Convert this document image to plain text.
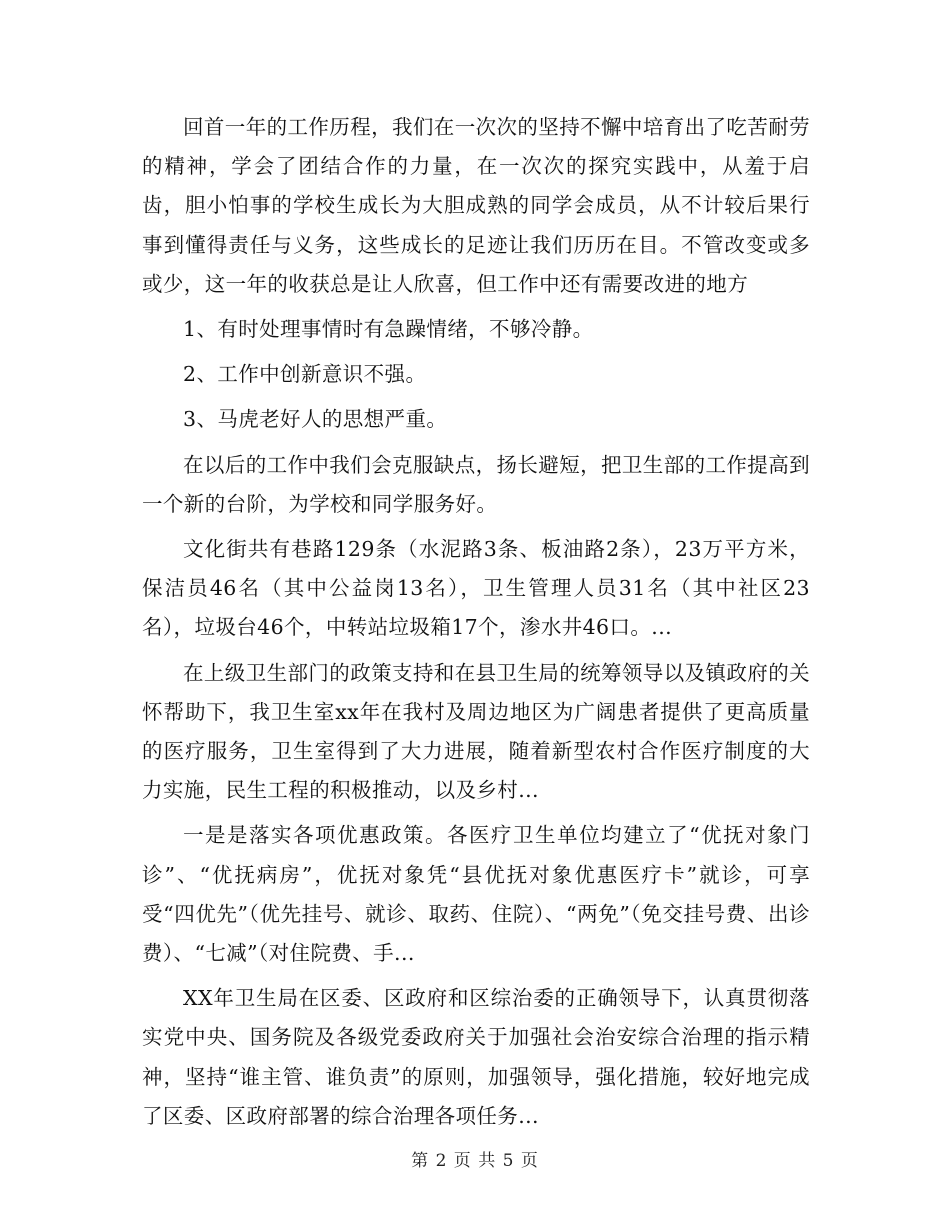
回首一年的工作历程，我们在一次次的坚持不懈中培育出了吃苦耐劳的精神，学会了团结合作的力量，在一次次的探究实践中，从羞于启齿，胆小怕事的学校生成长为大胆成熟的同学会成员，从不计较后果行事到懂得责任与义务，这些成长的足迹让我们历历在目。不管改变或多或少，这一年的收获总是让人欣喜，但工作中还有需要改进的地方

1、有时处理事情时有急躁情绪，不够冷静。

2、工作中创新意识不强。

3、马虎老好人的思想严重。

在以后的工作中我们会克服缺点，扬长避短，把卫生部的工作提高到一个新的台阶，为学校和同学服务好。

文化街共有巷路129条（水泥路3条、板油路2条），23万平方米，保洁员46名（其中公益岗13名），卫生管理人员31名（其中社区23名），垃圾台46个，中转站垃圾箱17个，渗水井46口。...

在上级卫生部门的政策支持和在县卫生局的统筹领导以及镇政府的关怀帮助下，我卫生室xx年在我村及周边地区为广阔患者提供了更高质量的医疗服务，卫生室得到了大力进展，随着新型农村合作医疗制度的大力实施，民生工程的积极推动，以及乡村...

一是是落实各项优惠政策。各医疗卫生单位均建立了“优抚对象门诊”、“优抚病房”，优抚对象凭“县优抚对象优惠医疗卡”就诊，可享受“四优先”（优先挂号、就诊、取药、住院）、“两免”（免交挂号费、出诊费）、“七减”（对住院费、手...

XX年卫生局在区委、区政府和区综治委的正确领导下，认真贯彻落实党中央、国务院及各级党委政府关于加强社会治安综合治理的指示精神，坚持“谁主管、谁负责”的原则，加强领导，强化措施，较好地完成了区委、区政府部署的综合治理各项任务...

第 2 页 共 5 页
